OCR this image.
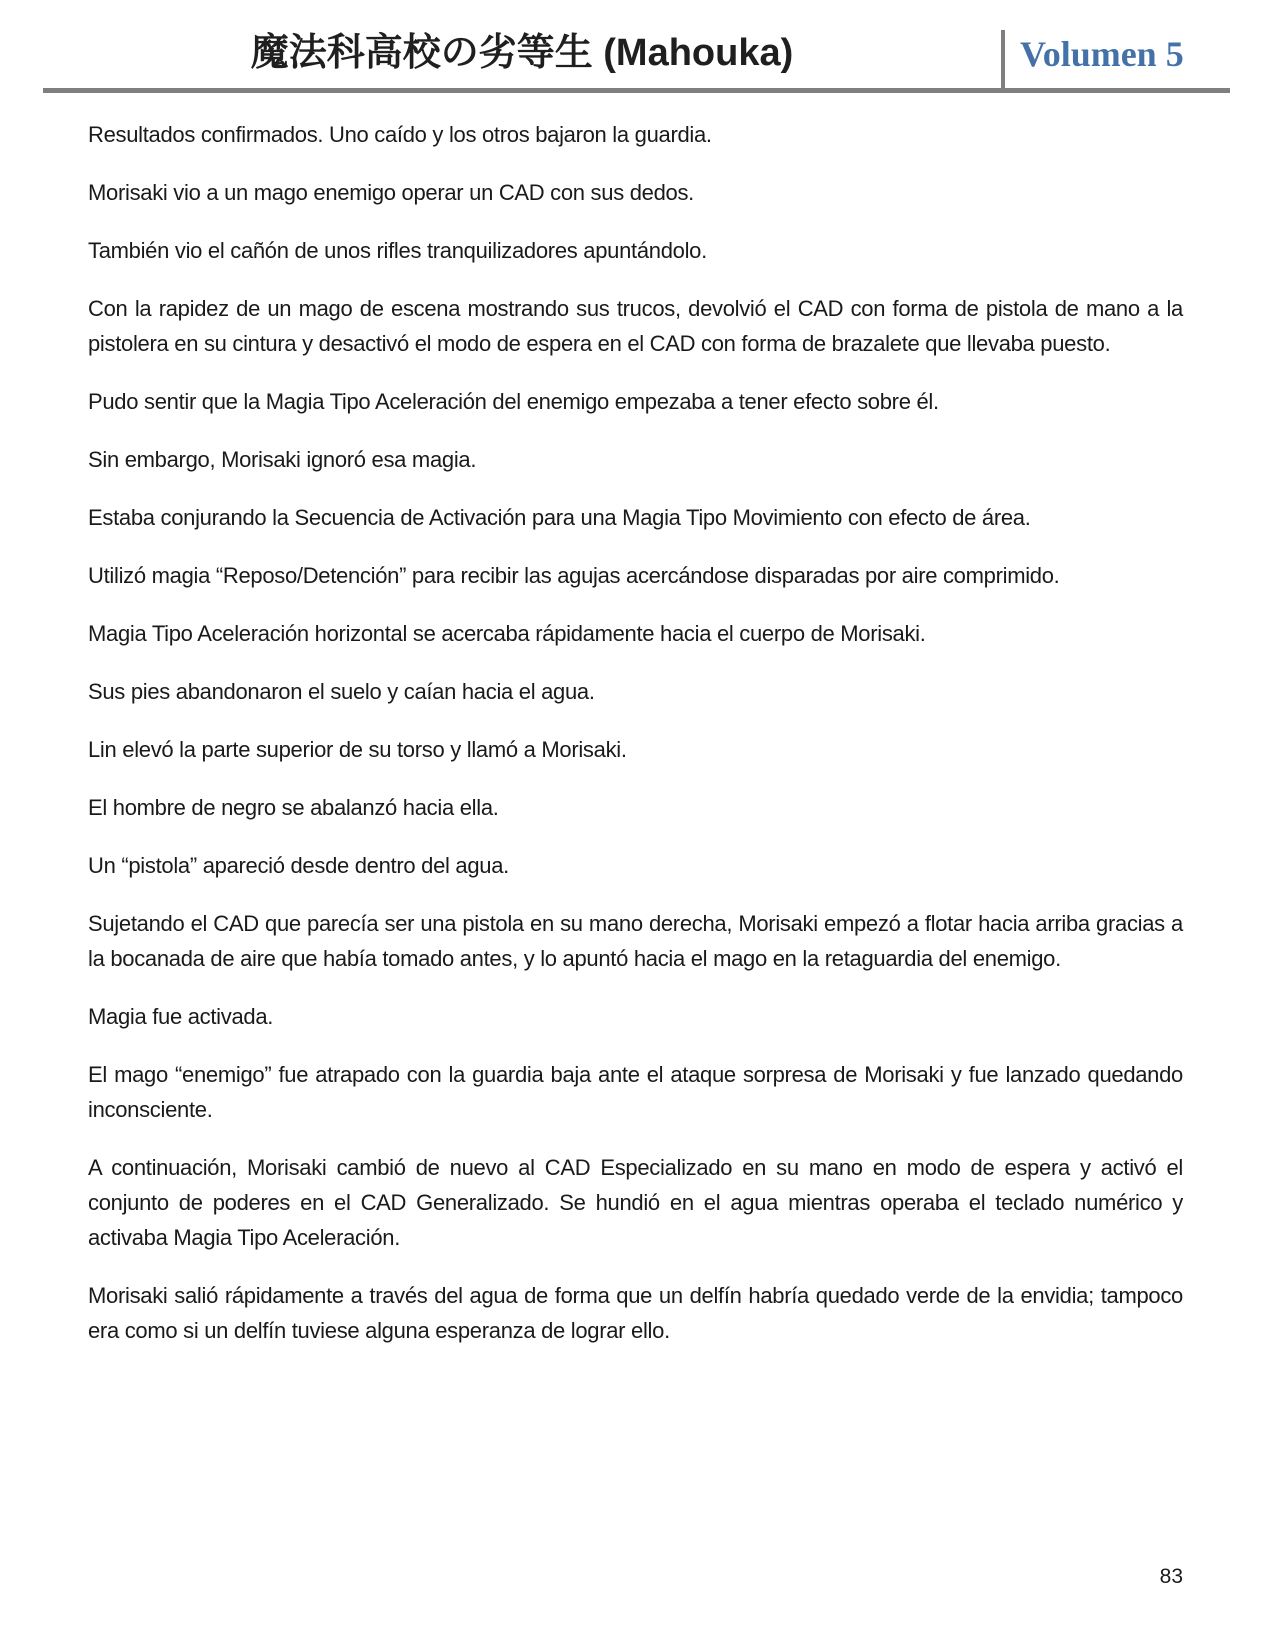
魔法科高校の劣等生 (Mahouka)	Volumen 5

Resultados confirmados. Uno caído y los otros bajaron la guardia.

Morisaki vio a un mago enemigo operar un CAD con sus dedos.

También vio el cañón de unos rifles tranquilizadores apuntándolo.

Con la rapidez de un mago de escena mostrando sus trucos, devolvió el CAD con forma de pistola de mano a la pistolera en su cintura y desactivó el modo de espera en el CAD con forma de brazalete que llevaba puesto.

Pudo sentir que la Magia Tipo Aceleración del enemigo empezaba a tener efecto sobre él.

Sin embargo, Morisaki ignoró esa magia.

Estaba conjurando la Secuencia de Activación para una Magia Tipo Movimiento con efecto de área.

Utilizó magia “Reposo/Detención” para recibir las agujas acercándose disparadas por aire comprimido.

Magia Tipo Aceleración horizontal se acercaba rápidamente hacia el cuerpo de Morisaki.

Sus pies abandonaron el suelo y caían hacia el agua.

Lin elevó la parte superior de su torso y llamó a Morisaki.

El hombre de negro se abalanzó hacia ella.

Un “pistola” apareció desde dentro del agua.

Sujetando el CAD que parecía ser una pistola en su mano derecha, Morisaki empezó a flotar hacia arriba gracias a la bocanada de aire que había tomado antes, y lo apuntó hacia el mago en la retaguardia del enemigo.

Magia fue activada.

El mago “enemigo” fue atrapado con la guardia baja ante el ataque sorpresa de Morisaki y fue lanzado quedando inconsciente.

A continuación, Morisaki cambió de nuevo al CAD Especializado en su mano en modo de espera y activó el conjunto de poderes en el CAD Generalizado. Se hundió en el agua mientras operaba el teclado numérico y activaba Magia Tipo Aceleración.

Morisaki salió rápidamente a través del agua de forma que un delfín habría quedado verde de la envidia; tampoco era como si un delfín tuviese alguna esperanza de lograr ello.

83
